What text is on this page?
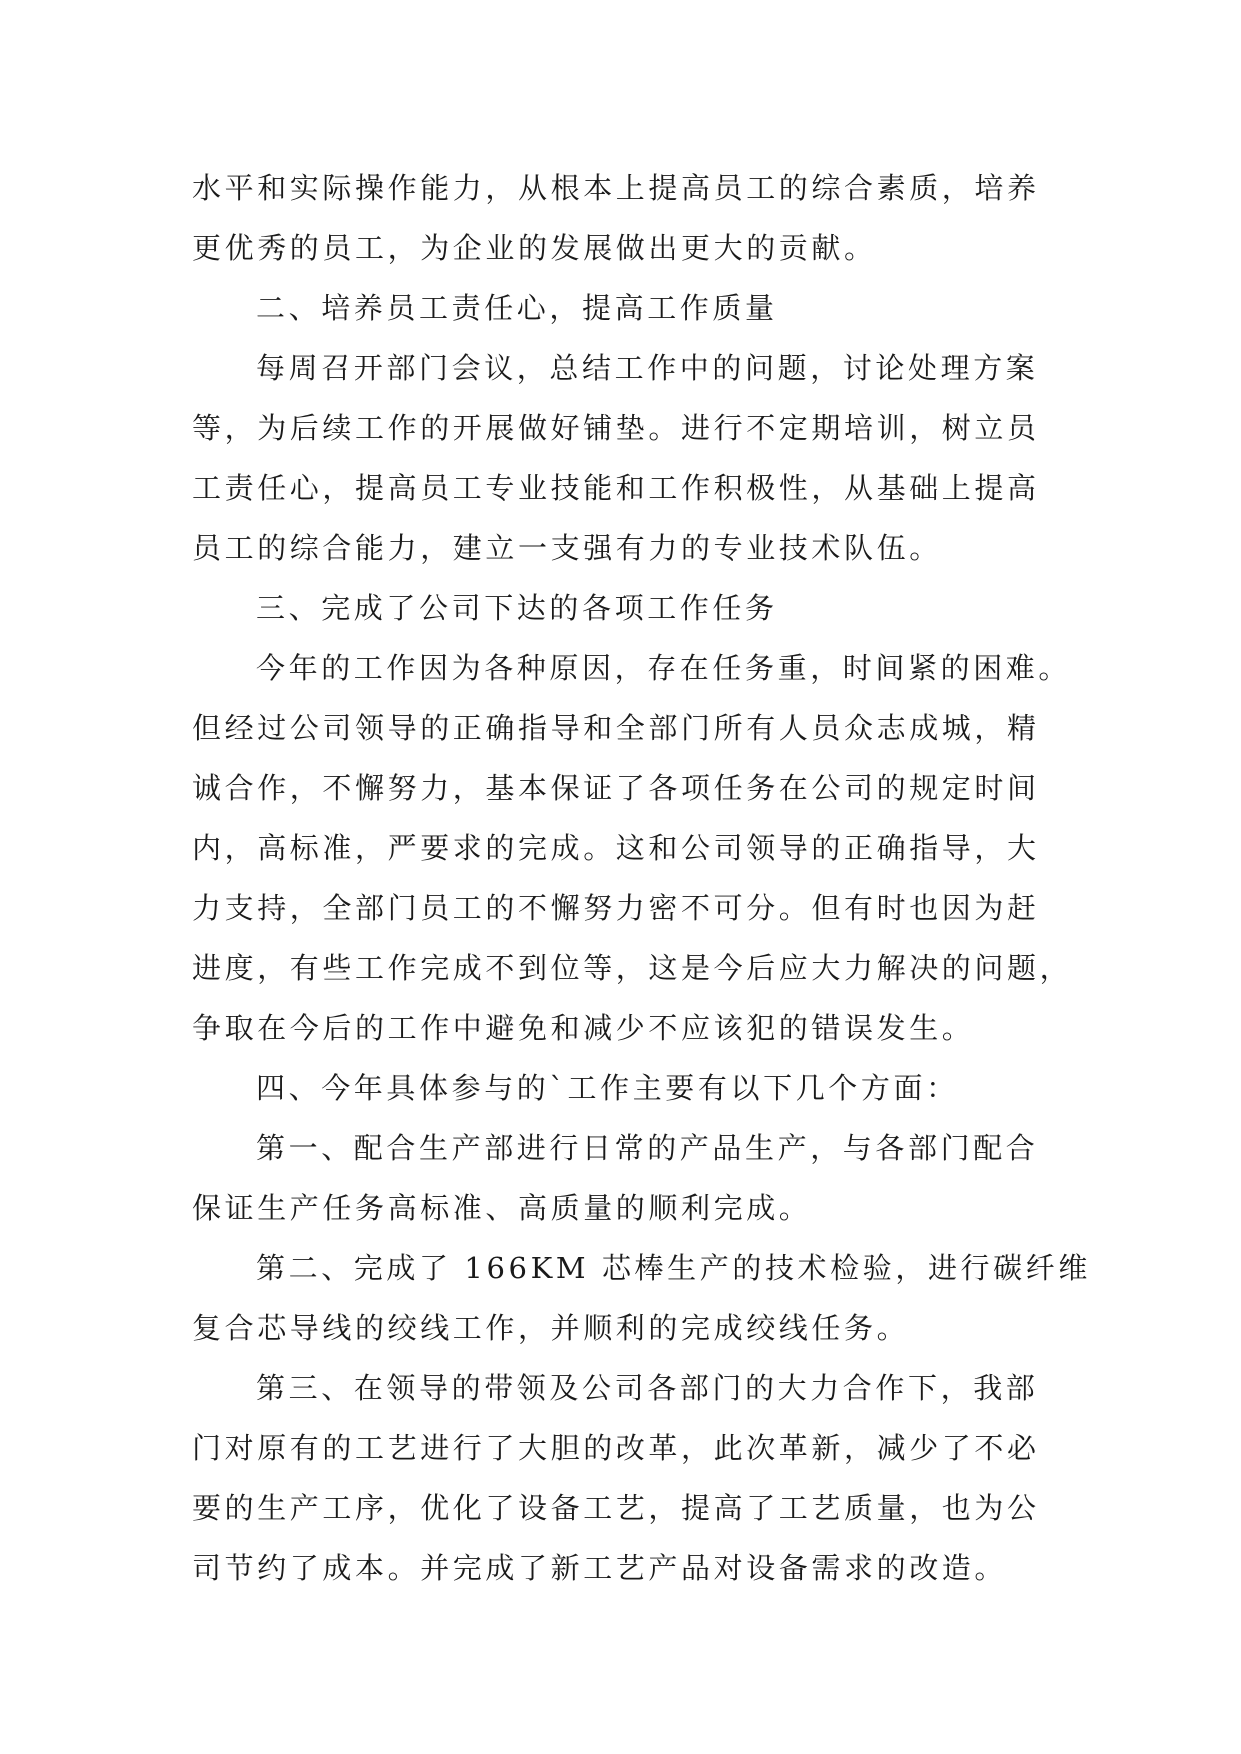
水平和实际操作能力，从根本上提高员工的综合素质，培养
更优秀的员工，为企业的发展做出更大的贡献。
二、培养员工责任心，提高工作质量
每周召开部门会议，总结工作中的问题，讨论处理方案
等，为后续工作的开展做好铺垫。进行不定期培训，树立员
工责任心，提高员工专业技能和工作积极性，从基础上提高
员工的综合能力，建立一支强有力的专业技术队伍。
三、完成了公司下达的各项工作任务
今年的工作因为各种原因，存在任务重，时间紧的困难。
但经过公司领导的正确指导和全部门所有人员众志成城，精
诚合作，不懈努力，基本保证了各项任务在公司的规定时间
内，高标准，严要求的完成。这和公司领导的正确指导，大
力支持，全部门员工的不懈努力密不可分。但有时也因为赶
进度，有些工作完成不到位等，这是今后应大力解决的问题，
争取在今后的工作中避免和减少不应该犯的错误发生。
四、今年具体参与的`工作主要有以下几个方面：
第一、配合生产部进行日常的产品生产，与各部门配合
保证生产任务高标准、高质量的顺利完成。
第二、完成了 166KM 芯棒生产的技术检验，进行碳纤维
复合芯导线的绞线工作，并顺利的完成绞线任务。
第三、在领导的带领及公司各部门的大力合作下，我部
门对原有的工艺进行了大胆的改革，此次革新，减少了不必
要的生产工序，优化了设备工艺，提高了工艺质量，也为公
司节约了成本。并完成了新工艺产品对设备需求的改造。
